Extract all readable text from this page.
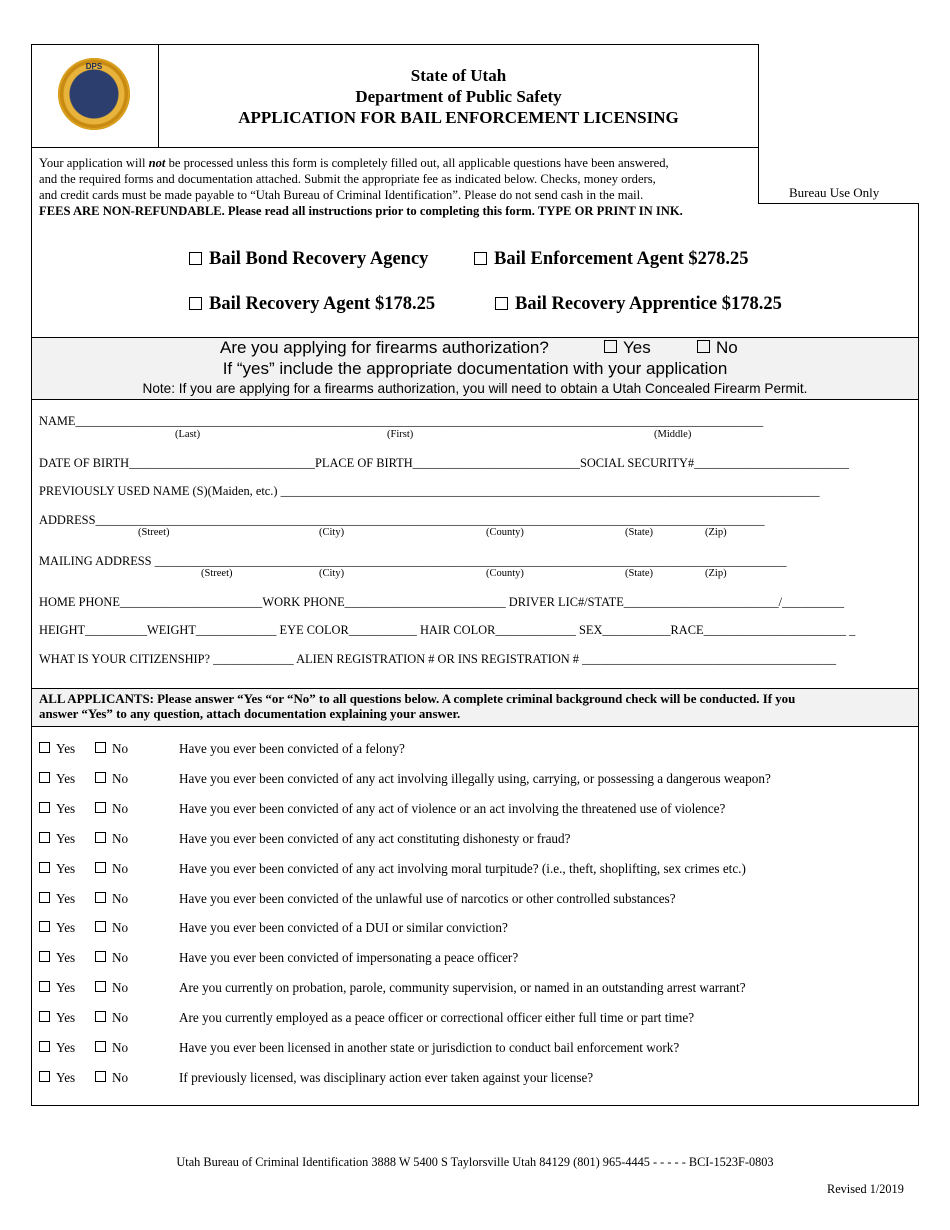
DPS	State of Utah
Department of Public Safety
APPLICATION FOR BAIL ENFORCEMENT LICENSING
Your application will not be processed unless this form is completely filled out, all applicable questions have been answered,
and the required forms and documentation attached. Submit the appropriate fee as indicated below. Checks, money orders,
and credit cards must be made payable to “Utah Bureau of Criminal Identification”. Please do not send cash in the mail.
FEES ARE NON-REFUNDABLE. Please read all instructions prior to completing this form. TYPE OR PRINT IN INK.
Bureau Use Only
Bail Bond Recovery Agency	Bail Enforcement Agent $278.25
Bail Recovery Agent $178.25	Bail Recovery Apprentice $178.25
Are you applying for firearms authorization?	Yes	No
If “yes” include the appropriate documentation with your application
Note: If you are applying for a firearms authorization, you will need to obtain a Utah Concealed Firearm Permit.
NAME_______________________________________________________________________________________________________________
(Last)	(First)	(Middle)
DATE OF BIRTH______________________________PLACE OF BIRTH___________________________SOCIAL SECURITY#_________________________
PREVIOUSLY USED NAME (S)(Maiden, etc.) _______________________________________________________________________________________
ADDRESS____________________________________________________________________________________________________________
(Street)	(City)	(County)	(State)	(Zip)
MAILING ADDRESS ______________________________________________________________________________________________________
(Street)	(City)	(County)	(State)	(Zip)
HOME PHONE_______________________WORK PHONE__________________________ DRIVER LIC#/STATE_________________________/__________
HEIGHT__________WEIGHT_____________ EYE COLOR___________ HAIR COLOR_____________ SEX___________RACE_______________________ _
WHAT IS YOUR CITIZENSHIP? _____________ ALIEN REGISTRATION # OR INS REGISTRATION # _________________________________________
ALL APPLICANTS: Please answer “Yes “or “No” to all questions below. A complete criminal background check will be conducted. If you
answer “Yes” to any question, attach documentation explaining your answer.
Yes	No	Have you ever been convicted of a felony?
Yes	No	Have you ever been convicted of any act involving illegally using, carrying, or possessing a dangerous weapon?
Yes	No	Have you ever been convicted of any act of violence or an act involving the threatened use of violence?
Yes	No	Have you ever been convicted of any act constituting dishonesty or fraud?
Yes	No	Have you ever been convicted of any act involving moral turpitude? (i.e., theft, shoplifting, sex crimes etc.)
Yes	No	Have you ever been convicted of the unlawful use of narcotics or other controlled substances?
Yes	No	Have you ever been convicted of a DUI or similar conviction?
Yes	No	Have you ever been convicted of impersonating a peace officer?
Yes	No	Are you currently on probation, parole, community supervision, or named in an outstanding arrest warrant?
Yes	No	Are you currently employed as a peace officer or correctional officer either full time or part time?
Yes	No	Have you ever been licensed in another state or jurisdiction to conduct bail enforcement work?
Yes	No	If previously licensed, was disciplinary action ever taken against your license?
Utah Bureau of Criminal Identification 3888 W 5400 S Taylorsville Utah 84129 (801) 965-4445 - - - - - BCI-1523F-0803
Revised 1/2019
